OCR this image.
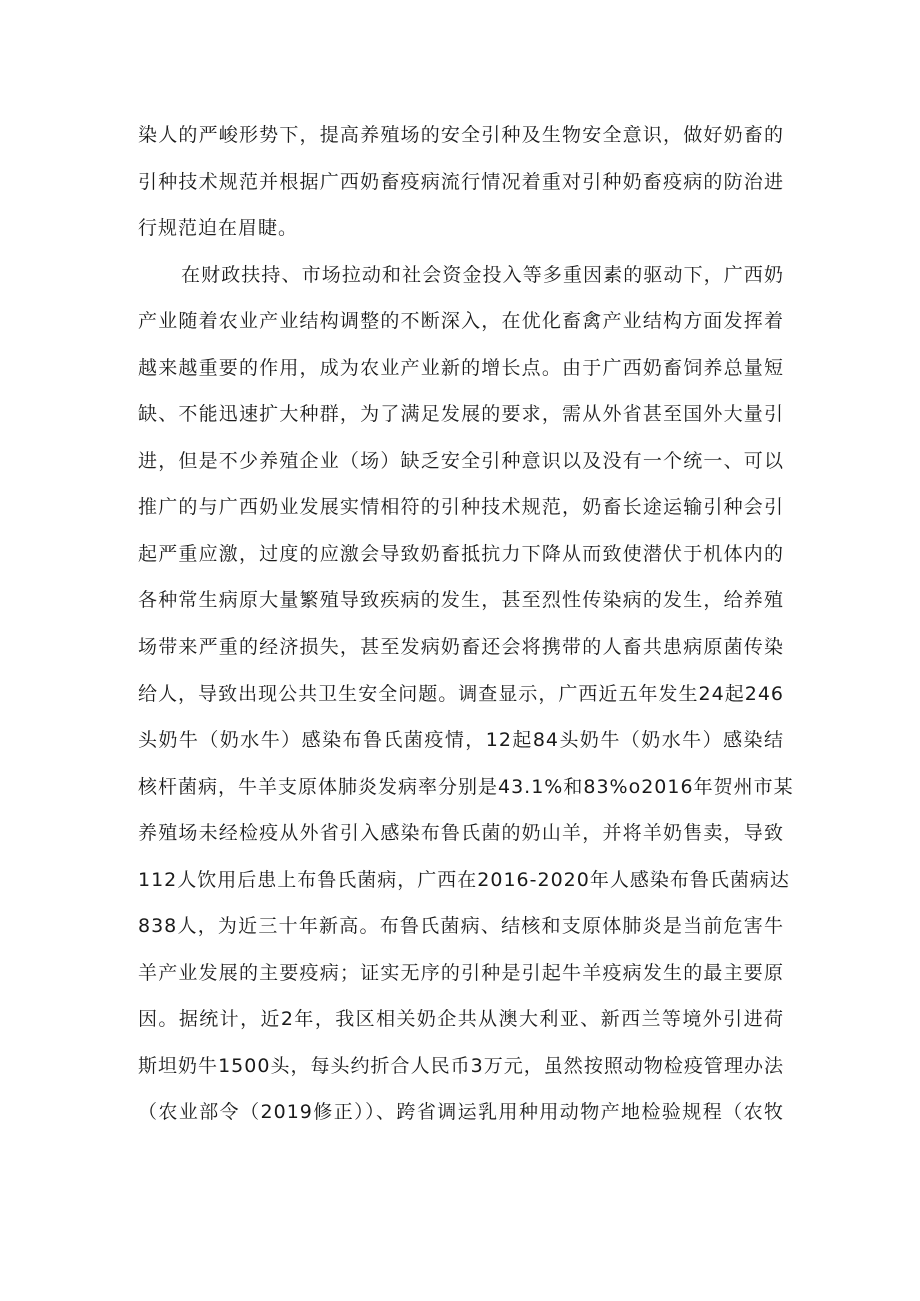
染人的严峻形势下，提高养殖场的安全引种及生物安全意识，做好奶畜的
引种技术规范并根据广西奶畜疫病流行情况着重对引种奶畜疫病的防治进
行规范迫在眉睫。
在财政扶持、市场拉动和社会资金投入等多重因素的驱动下，广西奶
产业随着农业产业结构调整的不断深入，在优化畜禽产业结构方面发挥着
越来越重要的作用，成为农业产业新的增长点。由于广西奶畜饲养总量短
缺、不能迅速扩大种群，为了满足发展的要求，需从外省甚至国外大量引
进，但是不少养殖企业（场）缺乏安全引种意识以及没有一个统一、可以
推广的与广西奶业发展实情相符的引种技术规范，奶畜长途运输引种会引
起严重应激，过度的应激会导致奶畜抵抗力下降从而致使潜伏于机体内的
各种常生病原大量繁殖导致疾病的发生，甚至烈性传染病的发生，给养殖
场带来严重的经济损失，甚至发病奶畜还会将携带的人畜共患病原菌传染
给人，导致出现公共卫生安全问题。调查显示，广西近五年发生24起246
头奶牛（奶水牛）感染布鲁氏菌疫情，12起84头奶牛（奶水牛）感染结
核杆菌病，牛羊支原体肺炎发病率分别是43.1%和83%o2016年贺州市某
养殖场未经检疫从外省引入感染布鲁氏菌的奶山羊，并将羊奶售卖，导致
112人饮用后患上布鲁氏菌病，广西在2016-2020年人感染布鲁氏菌病达
838人，为近三十年新高。布鲁氏菌病、结核和支原体肺炎是当前危害牛
羊产业发展的主要疫病；证实无序的引种是引起牛羊疫病发生的最主要原
因。据统计，近2年，我区相关奶企共从澳大利亚、新西兰等境外引进荷
斯坦奶牛1500头，每头约折合人民币3万元，虽然按照动物检疫管理办法
（农业部令（2019修正））、跨省调运乳用种用动物产地检验规程（农牧
